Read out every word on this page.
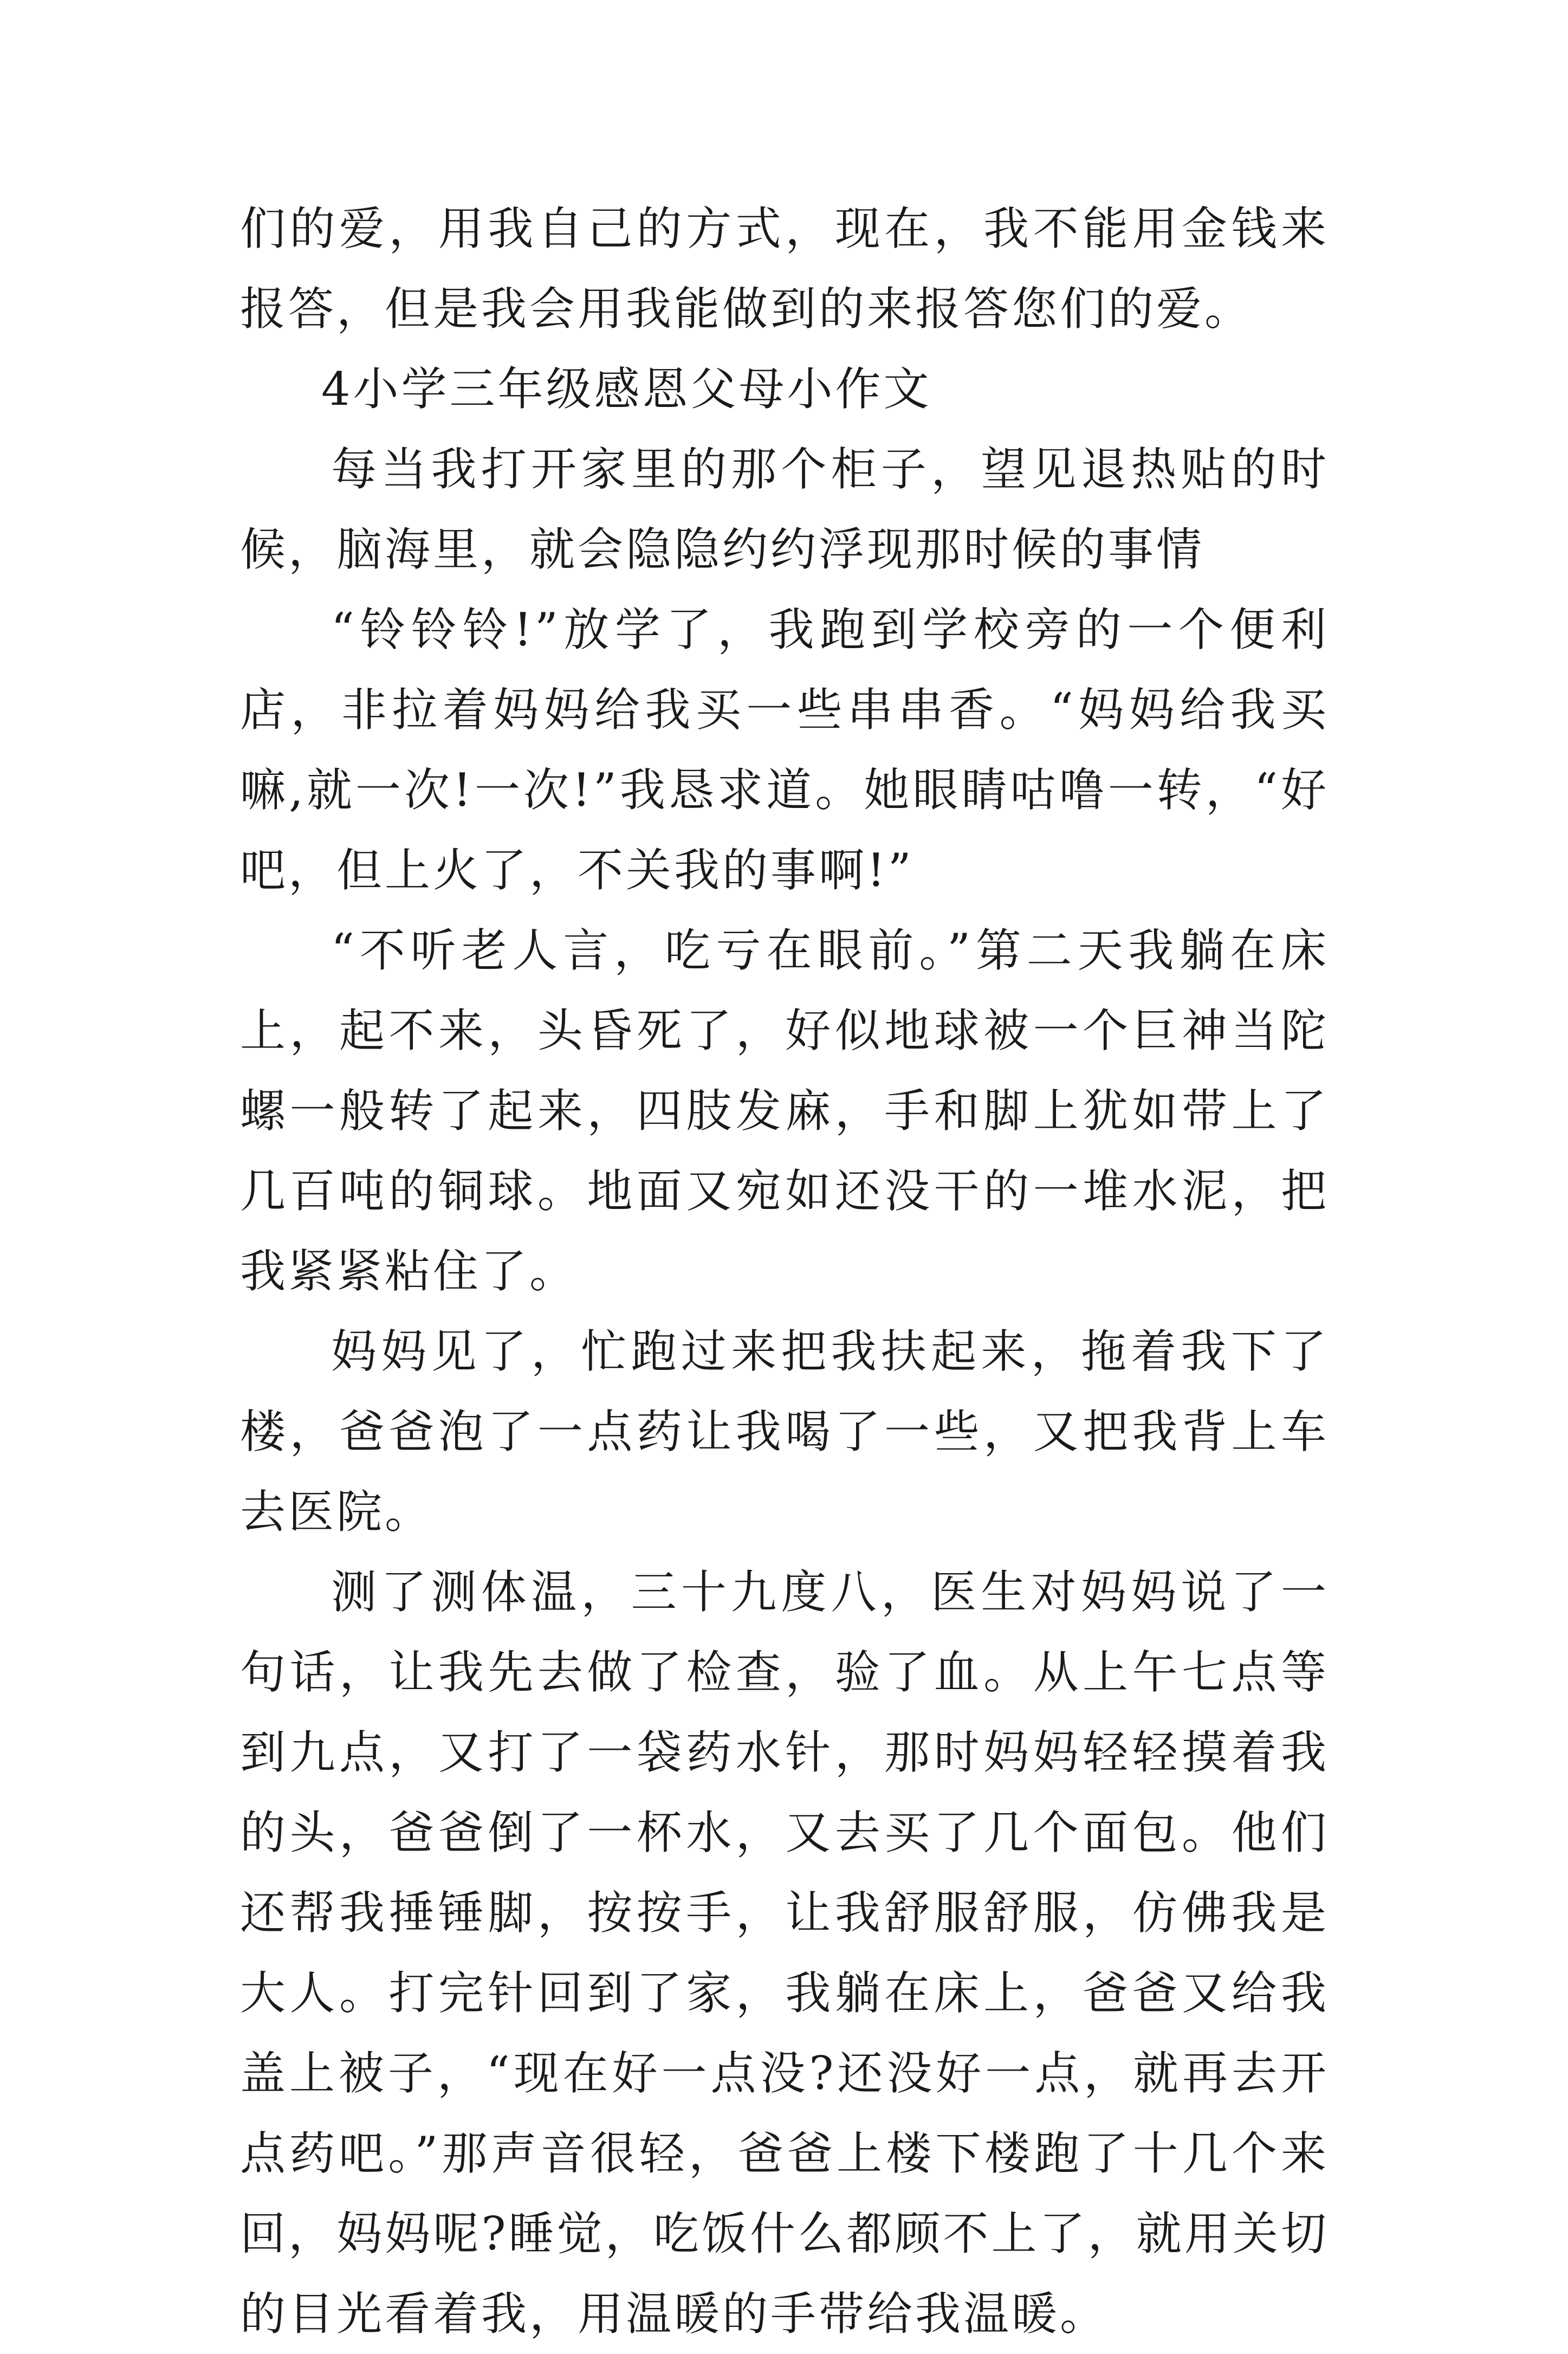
们的爱，用我自己的方式，现在，我不能用金钱来报答，但是我会用我能做到的来报答您们的爱。

4小学三年级感恩父母小作文

每当我打开家里的那个柜子，望见退热贴的时候，脑海里，就会隐隐约约浮现那时候的事情

“铃铃铃!”放学了，我跑到学校旁的一个便利店，非拉着妈妈给我买一些串串香。“妈妈给我买嘛,就一次!一次!”我恳求道。她眼睛咕噜一转，“好吧，但上火了，不关我的事啊!”

“不听老人言，吃亏在眼前。”第二天我躺在床上，起不来，头昏死了，好似地球被一个巨神当陀螺一般转了起来，四肢发麻，手和脚上犹如带上了几百吨的铜球。地面又宛如还没干的一堆水泥，把我紧紧粘住了。

妈妈见了，忙跑过来把我扶起来，拖着我下了楼，爸爸泡了一点药让我喝了一些，又把我背上车去医院。

测了测体温，三十九度八，医生对妈妈说了一句话，让我先去做了检查，验了血。从上午七点等到九点，又打了一袋药水针，那时妈妈轻轻摸着我的头，爸爸倒了一杯水，又去买了几个面包。他们还帮我捶锤脚，按按手，让我舒服舒服，仿佛我是大人。打完针回到了家，我躺在床上，爸爸又给我盖上被子，“现在好一点没?还没好一点，就再去开点药吧。”那声音很轻，爸爸上楼下楼跑了十几个来回，妈妈呢?睡觉，吃饭什么都顾不上了，就用关切的目光看着我，用温暖的手带给我温暖。
